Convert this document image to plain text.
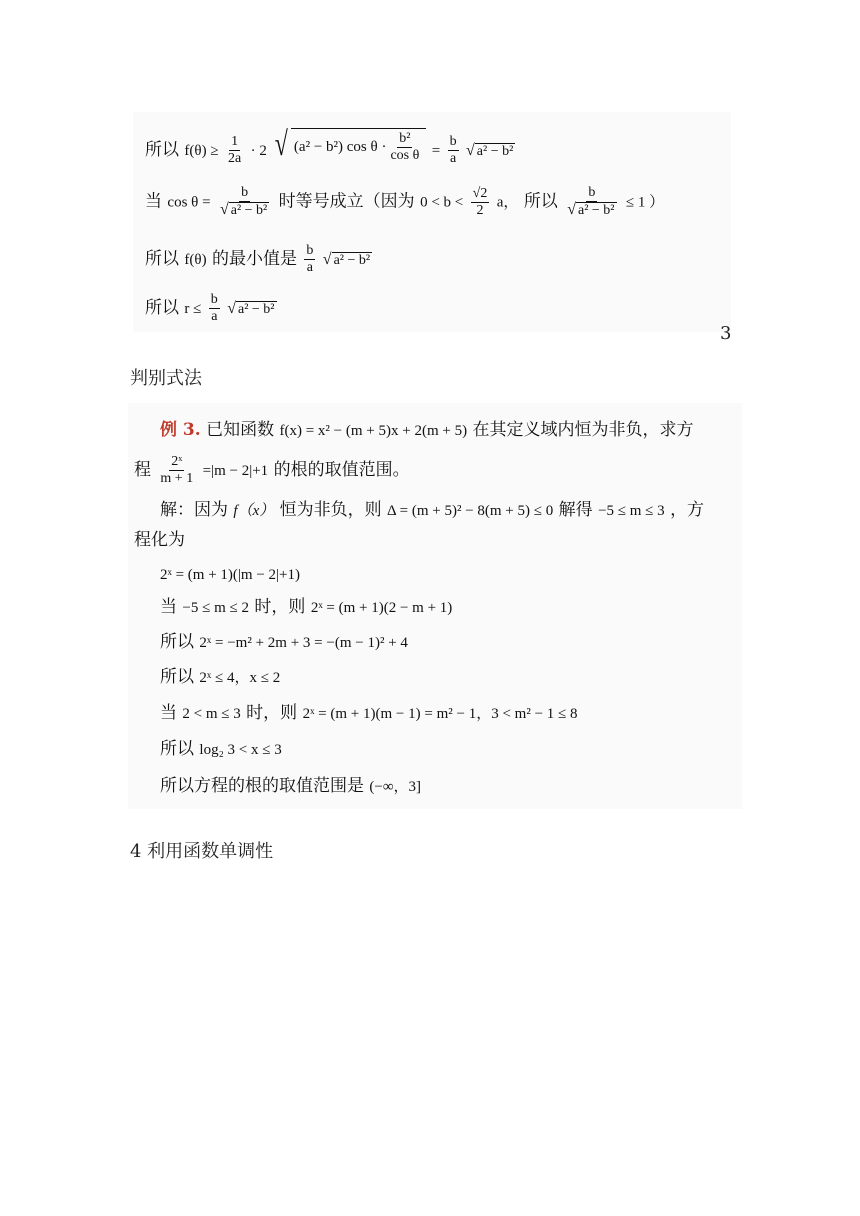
所以 $f(\theta) \ge \frac{1}{2a} \cdot 2$ √ (a² − b²) $\cos \theta \cdot \frac{\text{b²}}{\text{cos θ}} = \frac{b}{a}$
√ a² − b²
当 $\cos \theta = \frac{b}{\text{√ a² − b²}}$ 时等号成立（因为 $0 < b < \frac{√2}{2}$ a， 所以 $\frac{b}{\text{√ a² − b²}} \le 1$ ）
所以 f(θ) 的最小值是 $\frac{b}{a}$
√ a² − b²
所以 $r \le \frac{b}{a}$
√ a² − b²
3
判别式法
例 3. 已知函数 f(x) = x² − (m + 5)x + 2(m + 5) 在其定义域内恒为非负，求方
程 $\frac{\text{2ˣ}}{m + 1} =|m - 2|+1$ 的根的取值范围。
解：因为 f（x） 恒为非负，则 Δ = (m + 5)² − 8(m + 5) ≤ 0 解得 −5 ≤ m ≤ 3 ，方
程化为
2ˣ = (m + 1)(|m − 2|+1)
当 −5 ≤ m ≤ 2 时，则 2ˣ = (m + 1)(2 − m + 1)
所以 2ˣ = −m² + 2m + 3 = −(m − 1)² + 4
所以 2ˣ ≤ 4，x ≤ 2
当 2 < m ≤ 3 时，则 2ˣ = (m + 1)(m − 1) = m² − 1，3 < m² − 1 ≤ 8
所以 log₂ 3 < x ≤ 3
所以方程的根的取值范围是 (−∞，3]
4 利用函数单调性
